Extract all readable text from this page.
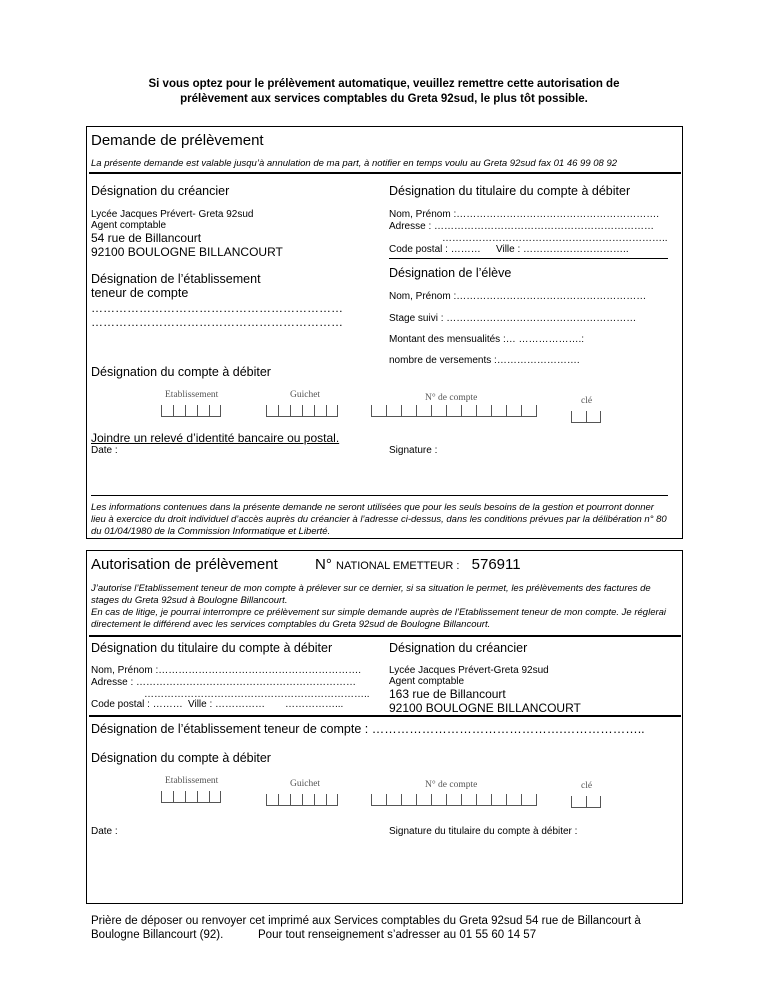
Si vous optez pour le prélèvement automatique, veuillez remettre cette autorisation de
prélèvement aux services comptables du Greta 92sud, le plus tôt possible.
Demande de prélèvement
La présente demande est valable jusqu’à annulation de ma part, à notifier en temps voulu au Greta 92sud fax 01 46 99 08 92
Désignation du créancier
Lycée Jacques Prévert- Greta 92sud
Agent comptable
54 rue de Billancourt
92100 BOULOGNE BILLANCOURT
Désignation du titulaire du compte à débiter
Nom, Prénom :…………………………………………………….
Adresse : …………………………………………………………
…………………………………………………………..
Code postal : ……… Ville : …………………………..
Désignation de l’établissement
teneur de compte
………………………………………………………
………………………………………………………
Désignation de l’élève
Nom, Prénom :…………………………………………………
Stage suivi : …………………………………………………
Montant des mensualités :… ……………….:
nombre de versements :…………………….
Désignation du compte à débiter
Etablissement	Guichet	N° de compte	clé
Joindre un relevé d’identité bancaire ou postal.
Date :	Signature :
Les informations contenues dans la présente demande ne seront utilisées que pour les seuls besoins de la gestion et pourront donner lieu à exercice du droit individuel d’accès auprès du créancier à l’adresse ci-dessus, dans les conditions prévues par la délibération n° 80 du 01/04/1980 de la Commission Informatique et Liberté.
Autorisation de prélèvement N° NATIONAL EMETTEUR : 576911
J’autorise l’Etablissement teneur de mon compte à prélever sur ce dernier, si sa situation le permet, les prélèvements des factures de stages du Greta 92sud à Boulogne Billancourt.
En cas de litige, je pourrai interrompre ce prélèvement sur simple demande auprès de l’Etablissement teneur de mon compte. Je réglerai directement le différend avec les services comptables du Greta 92sud de Boulogne Billancourt.
Désignation du titulaire du compte à débiter
Nom, Prénom :…………………………………………………….
Adresse : …………………………………………………………
…………………………………………………………..
Code postal : ……… Ville : …………… ……………...
Désignation du créancier
Lycée Jacques Prévert-Greta 92sud
Agent comptable
163 rue de Billancourt
92100 BOULOGNE BILLANCOURT
Désignation de l’établissement teneur de compte : ……………………………………….………………..
Désignation du compte à débiter
Etablissement	Guichet	N° de compte	clé
Date :	Signature du titulaire du compte à débiter :
Prière de déposer ou renvoyer cet imprimé aux Services comptables du Greta 92sud 54 rue de Billancourt à
Boulogne Billancourt (92).	Pour tout renseignement s’adresser au 01 55 60 14 57
